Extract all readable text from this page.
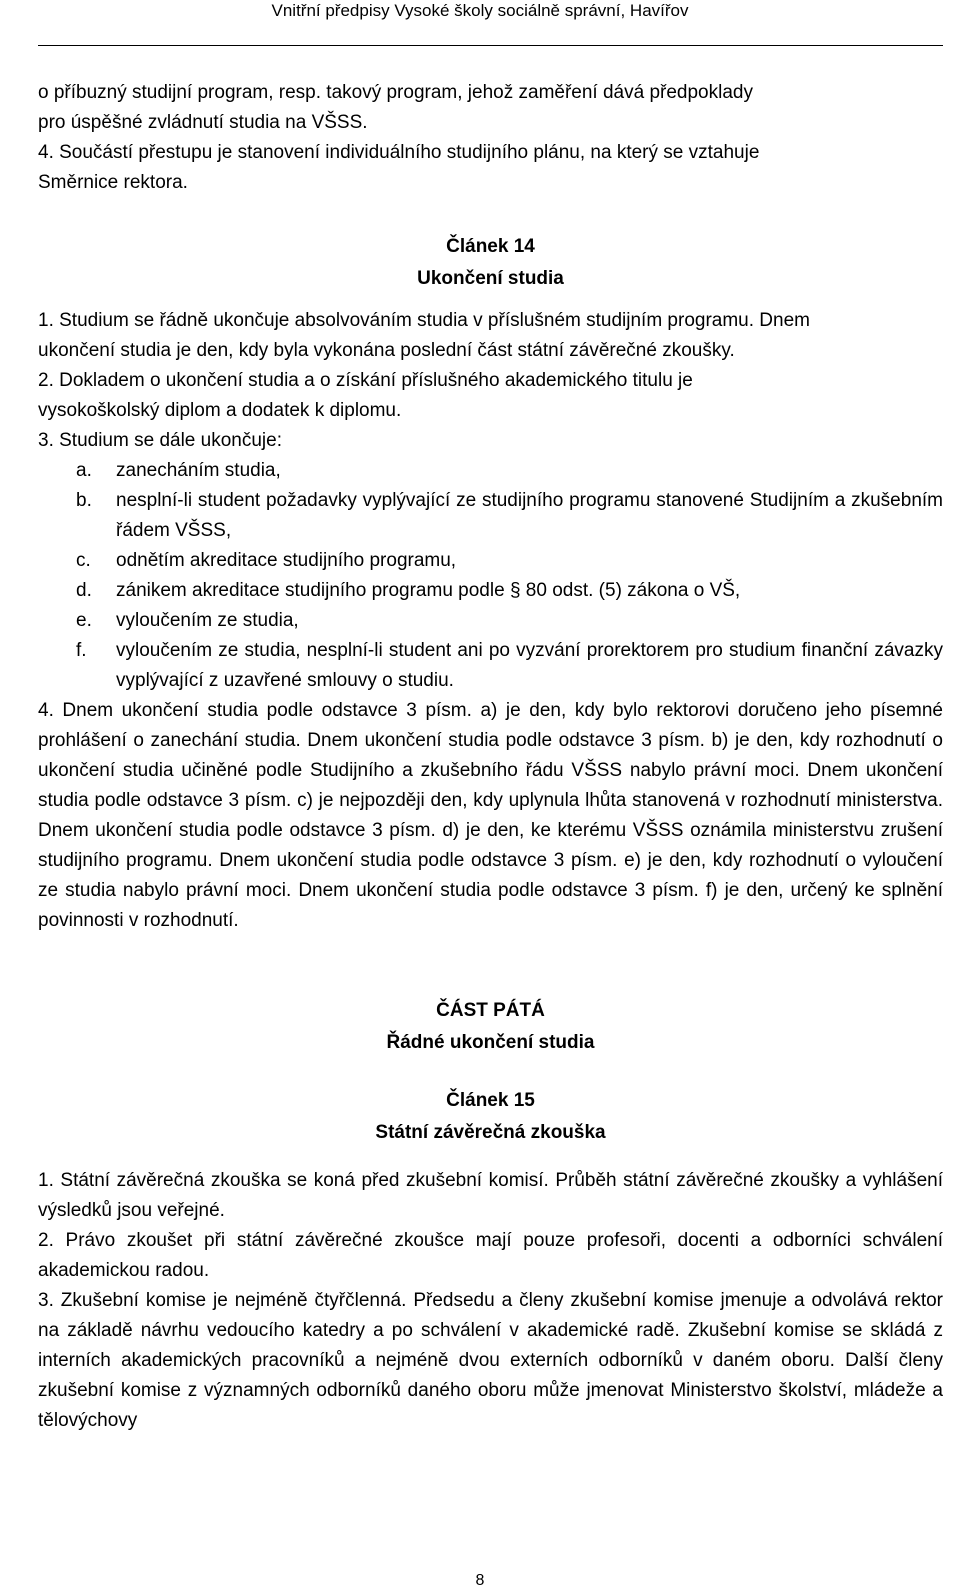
Vnitřní předpisy Vysoké školy sociálně správní, Havířov

o příbuzný studijní program, resp. takový program, jehož zaměření dává předpoklady
pro úspěšné zvládnutí studia na VŠSS.

4. Součástí přestupu je stanovení individuálního studijního plánu, na který se vztahuje
Směrnice rektora.

Článek 14

Ukončení studia

1. Studium se řádně ukončuje absolvováním studia v příslušném studijním programu. Dnem
ukončení studia je den, kdy byla vykonána poslední část státní závěrečné zkoušky.

2. Dokladem o ukončení studia a o získání příslušného akademického titulu je
vysokoškolský diplom a dodatek k diplomu.

3. Studium se dále ukončuje:

a. zanecháním studia,
b. nesplní-li student požadavky vyplývající ze studijního programu stanovené Studijním a zkušebním řádem VŠSS,
c. odnětím akreditace studijního programu,
d. zánikem akreditace studijního programu podle § 80 odst. (5) zákona o VŠ,
e. vyloučením ze studia,
f. vyloučením ze studia, nesplní-li student ani po vyzvání prorektorem pro studium finanční závazky vyplývající z uzavřené smlouvy o studiu.

4. Dnem ukončení studia podle odstavce 3 písm. a) je den, kdy bylo rektorovi doručeno jeho písemné prohlášení o zanechání studia. Dnem ukončení studia podle odstavce 3 písm. b) je den, kdy rozhodnutí o ukončení studia učiněné podle Studijního a zkušebního řádu VŠSS nabylo právní moci. Dnem ukončení studia podle odstavce 3 písm. c) je nejpozději den, kdy uplynula lhůta stanovená v rozhodnutí ministerstva. Dnem ukončení studia podle odstavce 3 písm. d) je den, ke kterému VŠSS oznámila ministerstvu zrušení studijního programu. Dnem ukončení studia podle odstavce 3 písm. e) je den, kdy rozhodnutí o vyloučení ze studia nabylo právní moci. Dnem ukončení studia podle odstavce 3 písm. f) je den, určený ke splnění povinnosti v rozhodnutí.

ČÁST PÁTÁ

Řádné ukončení studia

Článek 15

Státní závěrečná zkouška

1. Státní závěrečná zkouška se koná před zkušební komisí. Průběh státní závěrečné zkoušky a vyhlášení výsledků jsou veřejné.

2. Právo zkoušet při státní závěrečné zkoušce mají pouze profesoři, docenti a odborníci schválení akademickou radou.

3. Zkušební komise je nejméně čtyřčlenná. Předsedu a členy zkušební komise jmenuje a odvolává rektor na základě návrhu vedoucího katedry a po schválení v akademické radě. Zkušební komise se skládá z interních akademických pracovníků a nejméně dvou externích odborníků v daném oboru. Další členy zkušební komise z významných odborníků daného oboru může jmenovat Ministerstvo školství, mládeže a tělovýchovy

8
